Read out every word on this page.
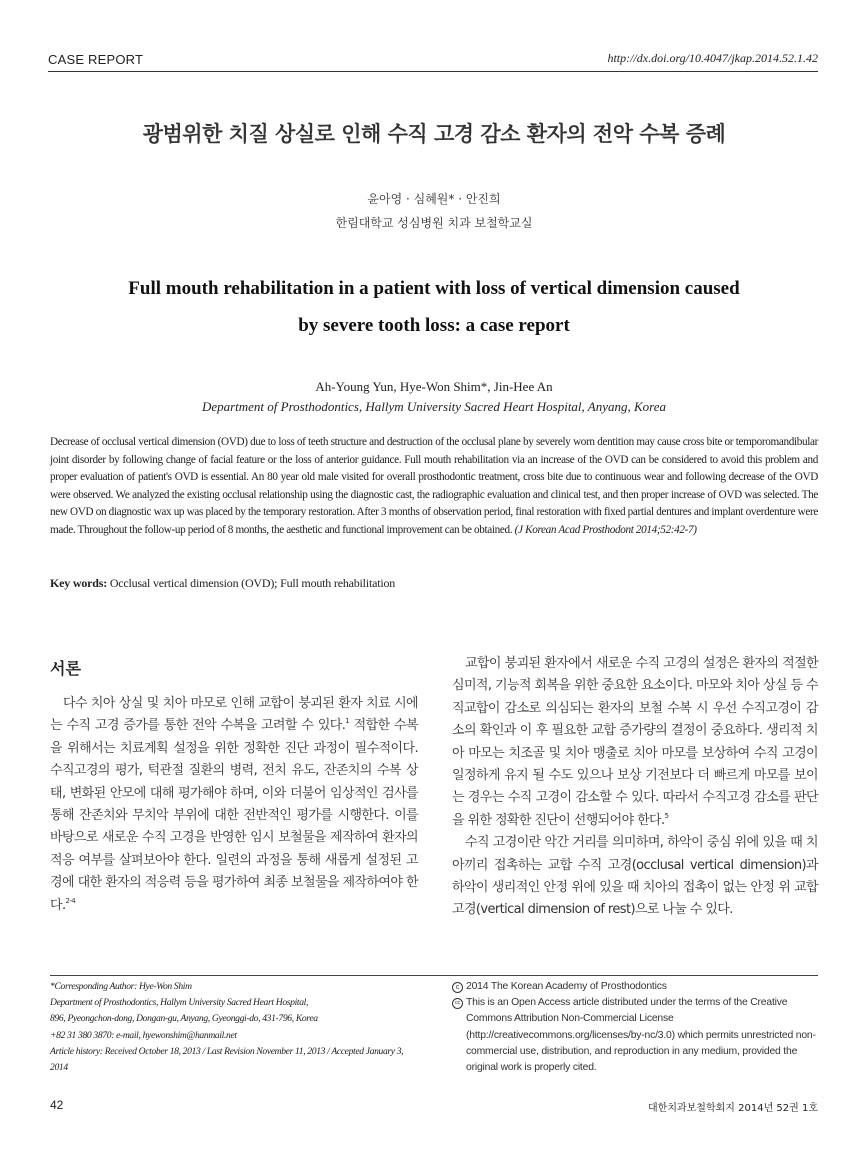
CASE REPORT	http://dx.doi.org/10.4047/jkap.2014.52.1.42
광범위한 치질 상실로 인해 수직 고경 감소 환자의 전악 수복 증례
윤아영 · 심혜원* · 안진희
한림대학교 성심병원 치과 보철학교실
Full mouth rehabilitation in a patient with loss of vertical dimension caused
by severe tooth loss: a case report
Ah-Young Yun, Hye-Won Shim*, Jin-Hee An
Department of Prosthodontics, Hallym University Sacred Heart Hospital, Anyang, Korea
Decrease of occlusal vertical dimension (OVD) due to loss of teeth structure and destruction of the occlusal plane by severely worn dentition may cause cross bite or temporomandibular joint disorder by following change of facial feature or the loss of anterior guidance. Full mouth rehabilitation via an increase of the OVD can be considered to avoid this problem and proper evaluation of patient's OVD is essential. An 80 year old male visited for overall prosthodontic treatment, cross bite due to continuous wear and following decrease of the OVD were observed. We analyzed the existing occlusal relationship using the diagnostic cast, the radiographic evaluation and clinical test, and then proper increase of OVD was selected. The new OVD on diagnostic wax up was placed by the temporary restoration. After 3 months of observation period, final restoration with fixed partial dentures and implant overdenture were made. Throughout the follow-up period of 8 months, the aesthetic and functional improvement can be obtained. (J Korean Acad Prosthodont 2014;52:42-7)
Key words: Occlusal vertical dimension (OVD); Full mouth rehabilitation
서론

다수 치아 상실 및 치아 마모로 인해 교합이 붕괴된 환자 치료 시에는 수직 고경 증가를 통한 전악 수복을 고려할 수 있다.$^1$ 적합한 수복을 위해서는 치료계획 설정을 위한 정확한 진단 과정이 필수적이다. 수직고경의 평가, 턱관절 질환의 병력, 전치 유도, 잔존치의 수복 상태, 변화된 안모에 대해 평가해야 하며, 이와 더불어 임상적인 검사를 통해 잔존치와 무치악 부위에 대한 전반적인 평가를 시행한다. 이를 바탕으로 새로운 수직 고경을 반영한 임시 보철물을 제작하여 환자의 적응 여부를 살펴보아야 한다. 일련의 과정을 통해 새롭게 설정된 고경에 대한 환자의 적응력 등을 평가하여 최종 보철물을 제작하여야 한다.$^{2-4}$

교합이 붕괴된 환자에서 새로운 수직 고경의 설정은 환자의 적절한 심미적, 기능적 회복을 위한 중요한 요소이다. 마모와 치아 상실 등 수직교합이 감소로 의심되는 환자의 보철 수복 시 우선 수직고경이 감소의 확인과 이 후 필요한 교합 증가량의 결정이 중요하다. 생리적 치아 마모는 치조골 및 치아 맹출로 치아 마모를 보상하여 수직 고경이 일정하게 유지 될 수도 있으나 보상 기전보다 더 빠르게 마모를 보이는 경우는 수직 고경이 감소할 수 있다. 따라서 수직고경 감소를 판단을 위한 정확한 진단이 선행되어야 한다.$^5$

수직 고경이란 악간 거리를 의미하며, 하악이 중심 위에 있을 때 치아끼리 접촉하는 교합 수직 고경(occlusal vertical dimension)과 하악이 생리적인 안정 위에 있을 때 치아의 접촉이 없는 안정 위 교합 고경(vertical dimension of rest)으로 나눌 수 있다.

*Corresponding Author: Hye-Won Shim
Department of Prosthodontics, Hallym University Sacred Heart Hospital,
896, Pyeongchon-dong, Dongan-gu, Anyang, Gyeonggi-do, 431-796, Korea
+82 31 380 3870: e-mail, hyewonshim@hanmail.net
Article history: Received October 18, 2013 / Last Revision November 11, 2013 / Accepted January 3, 2014
c 2014 The Korean Academy of Prosthodontics
cc This is an Open Access article distributed under the terms of the Creative Commons Attribution Non-Commercial License (http://creativecommons.org/licenses/by-nc/3.0) which permits unrestricted non-commercial use, distribution, and reproduction in any medium, provided the original work is properly cited.
42	대한치과보철학회지 2014년 52권 1호
